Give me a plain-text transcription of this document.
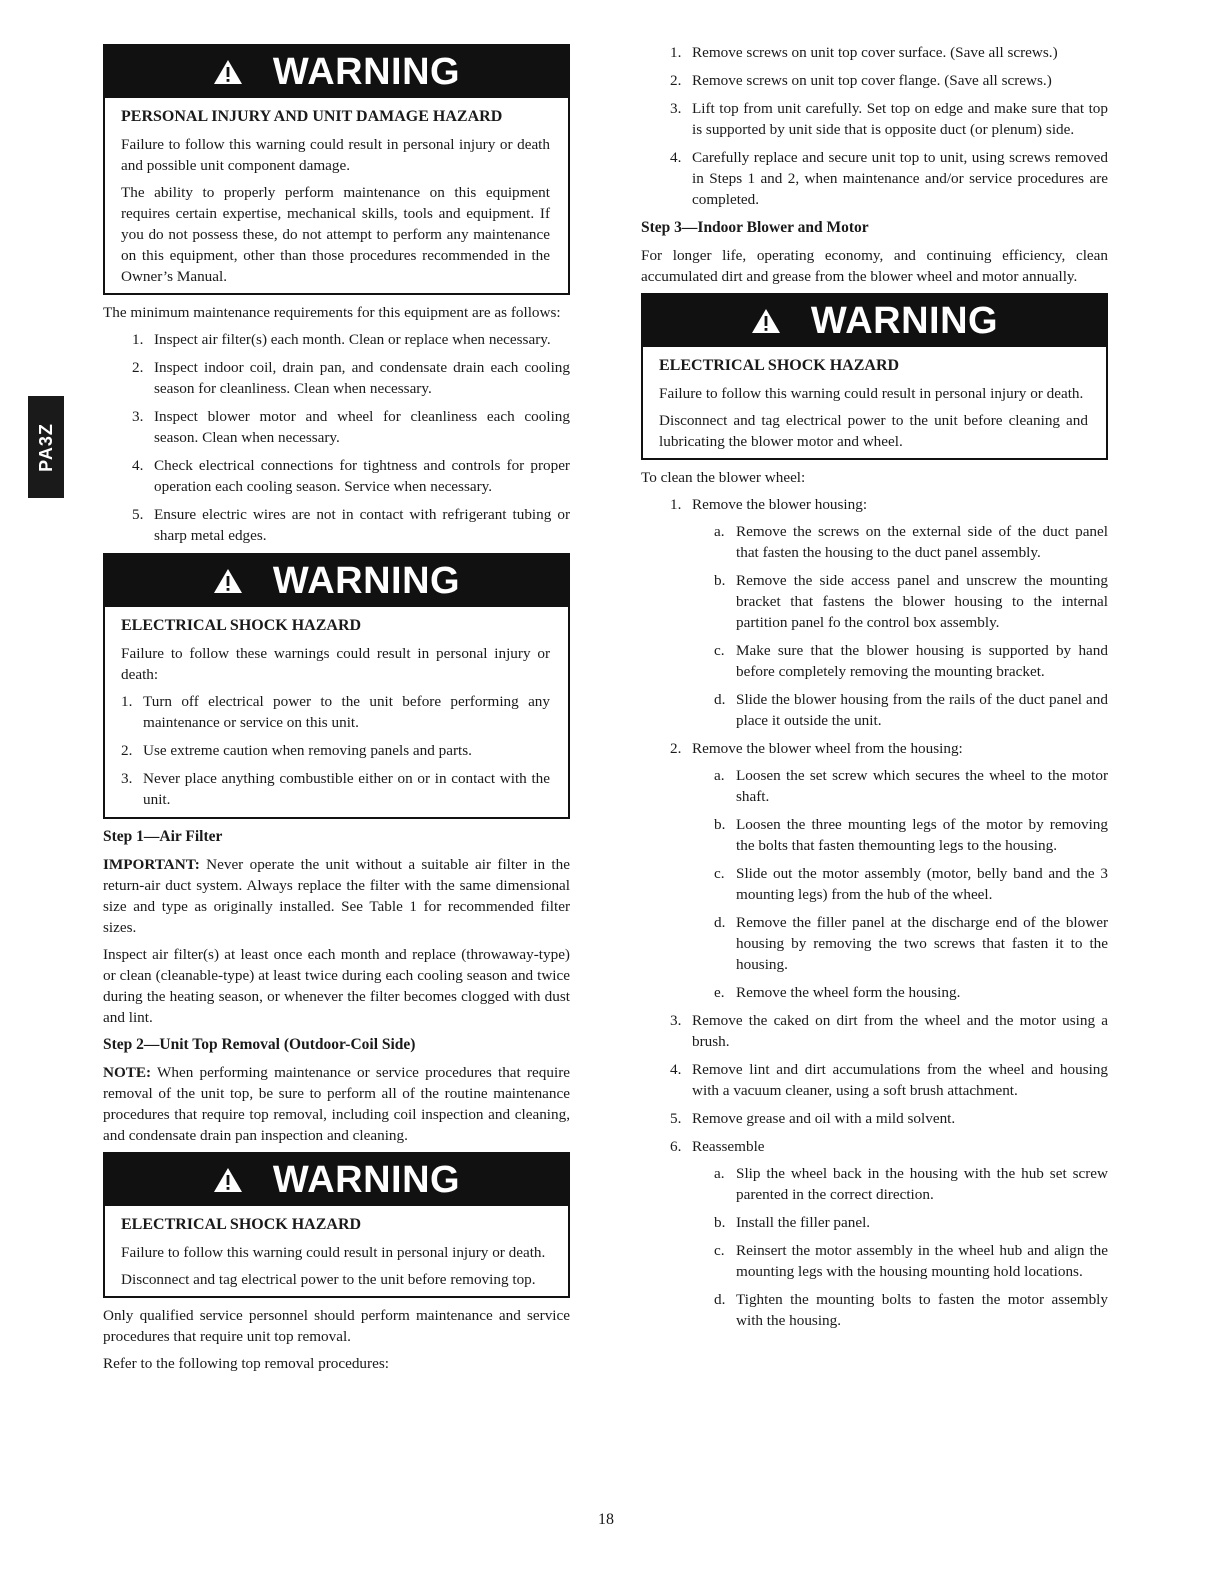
PA3Z
WARNING
PERSONAL INJURY AND UNIT DAMAGE HAZARD

Failure to follow this warning could result in personal injury or death and possible unit component damage.

The ability to properly perform maintenance on this equipment requires certain expertise, mechanical skills, tools and equipment. If you do not possess these, do not attempt to perform any maintenance on this equipment, other than those procedures recommended in the Owner’s Manual.

The minimum maintenance requirements for this equipment are as follows:

1. Inspect air filter(s) each month. Clean or replace when necessary.
2. Inspect indoor coil, drain pan, and condensate drain each cooling season for cleanliness. Clean when necessary.
3. Inspect blower motor and wheel for cleanliness each cooling season. Clean when necessary.
4. Check electrical connections for tightness and controls for proper operation each cooling season. Service when necessary.
5. Ensure electric wires are not in contact with refrigerant tubing or sharp metal edges.
WARNING
ELECTRICAL SHOCK HAZARD

Failure to follow these warnings could result in personal injury or death:

1. Turn off electrical power to the unit before performing any maintenance or service on this unit.
2. Use extreme caution when removing panels and parts.
3. Never place anything combustible either on or in contact with the unit.
Step 1—Air Filter

IMPORTANT: Never operate the unit without a suitable air filter in the return-air duct system. Always replace the filter with the same dimensional size and type as originally installed. See Table 1 for recommended filter sizes.

Inspect air filter(s) at least once each month and replace (throwaway-type) or clean (cleanable-type) at least twice during each cooling season and twice during the heating season, or whenever the filter becomes clogged with dust and lint.

Step 2—Unit Top Removal (Outdoor-Coil Side)

NOTE: When performing maintenance or service procedures that require removal of the unit top, be sure to perform all of the routine maintenance procedures that require top removal, including coil inspection and cleaning, and condensate drain pan inspection and cleaning.

WARNING
ELECTRICAL SHOCK HAZARD

Failure to follow this warning could result in personal injury or death.

Disconnect and tag electrical power to the unit before removing top.

Only qualified service personnel should perform maintenance and service procedures that require unit top removal.

Refer to the following top removal procedures:

1. Remove screws on unit top cover surface. (Save all screws.)
2. Remove screws on unit top cover flange. (Save all screws.)
3. Lift top from unit carefully. Set top on edge and make sure that top is supported by unit side that is opposite duct (or plenum) side.
4. Carefully replace and secure unit top to unit, using screws removed in Steps 1 and 2, when maintenance and/or service procedures are completed.
Step 3—Indoor Blower and Motor

For longer life, operating economy, and continuing efficiency, clean accumulated dirt and grease from the blower wheel and motor annually.

WARNING
ELECTRICAL SHOCK HAZARD

Failure to follow this warning could result in personal injury or death.

Disconnect and tag electrical power to the unit before cleaning and lubricating the blower motor and wheel.

To clean the blower wheel:

1. Remove the blower housing:
a. Remove the screws on the external side of the duct panel that fasten the housing to the duct panel assembly.
b. Remove the side access panel and unscrew the mounting bracket that fastens the blower housing to the internal partition panel fo the control box assembly.
c. Make sure that the blower housing is supported by hand before completely removing the mounting bracket.
d. Slide the blower housing from the rails of the duct panel and place it outside the unit.
2. Remove the blower wheel from the housing:
a. Loosen the set screw which secures the wheel to the motor shaft.
b. Loosen the three mounting legs of the motor by removing the bolts that fasten themounting legs to the housing.
c. Slide out the motor assembly (motor, belly band and the 3 mounting legs) from the hub of the wheel.
d. Remove the filler panel at the discharge end of the blower housing by removing the two screws that fasten it to the housing.
e. Remove the wheel form the housing.
3. Remove the caked on dirt from the wheel and the motor using a brush.
4. Remove lint and dirt accumulations from the wheel and housing with a vacuum cleaner, using a soft brush attachment.
5. Remove grease and oil with a mild solvent.
6. Reassemble
a. Slip the wheel back in the housing with the hub set screw parented in the correct direction.
b. Install the filler panel.
c. Reinsert the motor assembly in the wheel hub and align the mounting legs with the housing mounting hold locations.
d. Tighten the mounting bolts to fasten the motor assembly with the housing.
18
